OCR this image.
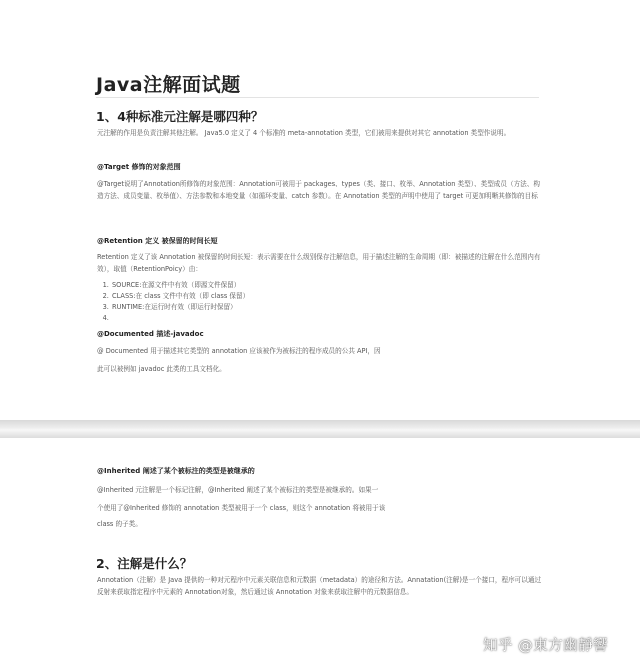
Java注解面试题
1、4种标准元注解是哪四种？
元注解的作用是负责注解其他注解。 Java5.0 定义了 4 个标准的 meta-annotation 类型，它们被用来提供对其它 annotation 类型作说明。
@Target 修饰的对象范围
@Target说明了Annotation所修饰的对象范围：Annotation可被用于 packages、types（类、接口、枚举、Annotation 类型）、类型成员（方法、构造方法、成员变量、枚举值）、方法参数和本地变量（如循环变量、catch 参数）。在 Annotation 类型的声明中使用了 target 可更加明晰其修饰的目标
@Retention 定义 被保留的时间长短
Retention 定义了该 Annotation 被保留的时间长短：表示需要在什么级别保存注解信息，用于描述注解的生命周期（即：被描述的注解在什么范围内有效），取值（RetentionPoicy）由：
1. SOURCE:在源文件中有效（即源文件保留）
2. CLASS:在 class 文件中有效（即 class 保留）
3. RUNTIME:在运行时有效（即运行时保留）
4.
@Documented 描述-javadoc
@ Documented 用于描述其它类型的 annotation 应该被作为被标注的程序成员的公共 API，因
此可以被例如 javadoc 此类的工具文档化。
@Inherited 阐述了某个被标注的类型是被继承的
@Inherited 元注解是一个标记注解，@Inherited 阐述了某个被标注的类型是被继承的。如果一
个使用了@Inherited 修饰的 annotation 类型被用于一个 class，则这个 annotation 将被用于该
class 的子类。
2、注解是什么？
Annotation（注解）是 Java 提供的一种对元程序中元素关联信息和元数据（metadata）的途径和方法。Annatation(注解)是一个接口，程序可以通过反射来获取指定程序中元素的 Annotation对象，然后通过该 Annotation 对象来获取注解中的元数据信息。
知乎 @東方幽靜響
